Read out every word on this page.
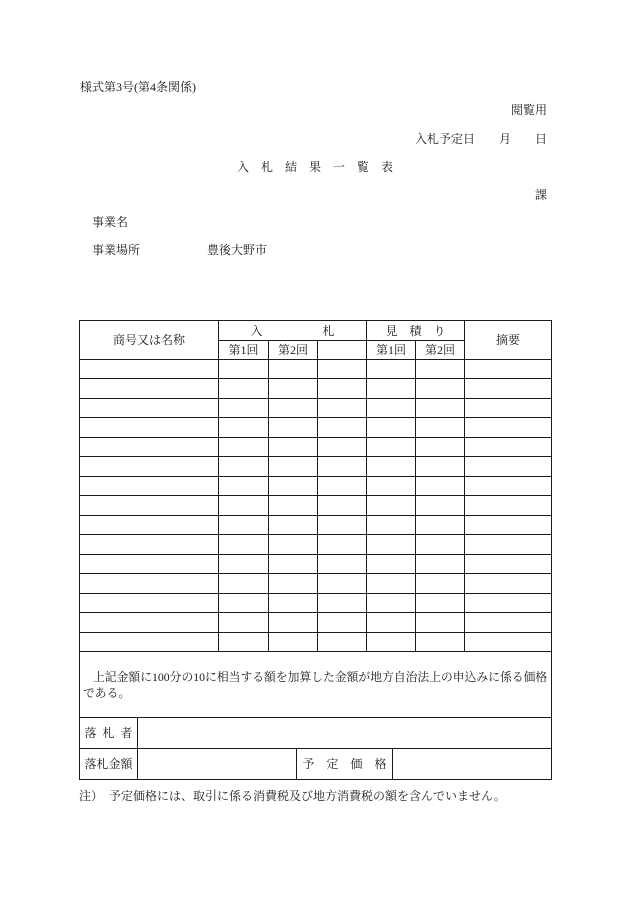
様式第3号(第4条関係)
閲覧用
入札予定日　　月　　日
入　札　結　果　一　覧　表
課
事業名
事業場所	豊後大野市
商号又は名称	入　　　　　札			見　積　り		摘要
	第1回	第2回		第1回	第2回	

上記金額に100分の10に相当する額を加算した金額が地方自治法上の申込みに係る価格
である。			

落 札 者			
落札金額		予　定　価　格	
注）　予定価格には、取引に係る消費税及び地方消費税の額を含んでいません。
